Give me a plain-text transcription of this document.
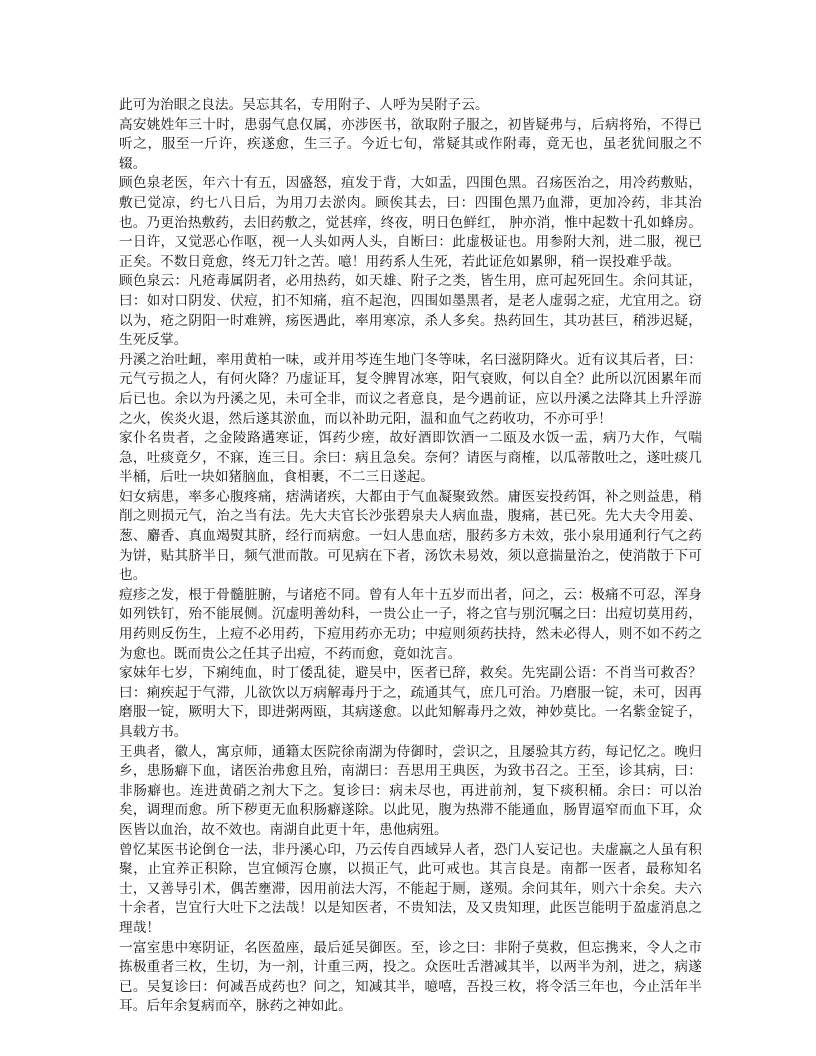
此可为治眼之良法。吴忘其名，专用附子、人呼为吴附子云。

高安姚姓年三十时，患弱气息仅属，亦涉医书，欲取附子服之，初皆疑弗与，后病将殆，不得已听之，服至一斤许，疾遂愈，生三子。今近七旬，常疑其或作附毒，竟无也，虽老犹间服之不辍。

顾色泉老医，年六十有五，因盛怒，疽发于背，大如盂，四围色黑。召疡医治之，用冷药敷贴，敷已觉凉，约七八日后，为用刀去淤肉。顾俟其去，曰：四围色黑乃血滞，更加冷药，非其治也。乃更治热敷药，去旧药敷之，觉甚痒，终夜，明日色鲜红， 肿亦消，惟中起数十孔如蜂房。一日许，又觉恶心作呕，视一人头如两人头，自断曰：此虚极证也。用参附大剂，进二服，视已正矣。不数日竟愈，终无刀针之苦。噫！用药系人生死，若此证危如累卵，稍一误投难乎哉。

顾色泉云：凡疮毒属阴者，必用热药，如天雄、附子之类，皆生用，庶可起死回生。余问其证，曰：如对口阴发、伏痘，扪不知痛，疽不起泡，四围如墨黑者，是老人虚弱之症，尤宜用之。窃以为，疮之阴阳一时难辨，疡医遇此，率用寒凉，杀人多矣。热药回生，其功甚巨，稍涉迟疑，生死反掌。

丹溪之治吐衄，率用黄柏一味，或并用芩连生地门冬等味，名曰滋阴降火。近有议其后者，曰：元气亏损之人，有何火降？乃虚证耳，复令脾胃冰寒，阳气衰败，何以自全？此所以沉困累年而后已也。余以为丹溪之见，未可全非，而议之者意良，是今遇前证，应以丹溪之法降其上升浮游之火，俟炎火退，然后遂其淤血，而以补助元阳，温和血气之药收功，不亦可乎！

家仆名贵者，之金陵路遘寒证，饵药少瘥，故好酒即饮酒一二瓯及水饭一盂，病乃大作，气喘急，吐痰竟夕，不寐，连三日。余曰：病且急矣。奈何？请医与商榷，以瓜蒂散吐之，遂吐痰几半桶，后吐一块如猪脑血，食相裹，不二三日遂起。

妇女病患，率多心腹疼痛，痞满诸疾，大都由于气血凝聚致然。庸医妄投药饵，补之则益患，稍削之则损元气，治之当有法。先大夫官长沙张碧泉夫人病血蛊，腹痛，甚已死。先大夫令用姜、葱、麝香、真血竭熨其脐，经行而病愈。一妇人患血痞，服药多方未效，张小泉用通利行气之药为饼，贴其脐半日，频气泄而散。可见病在下者，汤饮未易效，须以意揣量治之，使消散于下可也。

痘疹之发，根于骨髓脏腑，与诸疮不同。曾有人年十五岁而出者，问之，云：极痛不可忍，浑身如列铁钉，殆不能展侧。沉虚明善幼科，一贵公止一子，将之官与别沉嘱之曰：出痘切莫用药，用药则反伤生，上痘不必用药，下痘用药亦无功；中痘则须药扶持，然未必得人，则不如不药之为愈也。既而贵公之任其子出痘，不药而愈，竟如沈言。

家妹年七岁，下痢纯血，时丁倭乱徒，避吴中，医者已辞，救矣。先宪副公语：不肖当可救否？曰：痢疾起于气滞，儿欲饮以万病解毒丹于之，疏通其气，庶几可治。乃磨服一锭，未可，因再磨服一锭，厥明大下，即进粥两瓯，其病遂愈。以此知解毒丹之效，神妙莫比。一名紫金锭子，具载方书。

王典者，徽人，寓京师，通籍太医院徐南湖为侍御时，尝识之，且屡验其方药，每记忆之。晚归乡，患肠癖下血，诸医治弗愈且殆，南湖曰：吾思用王典医，为致书召之。王至，诊其病，曰：非肠癖也。连进黄硝之剂大下之。复诊曰：病未尽也，再进前剂，复下痰积桶。余曰：可以治矣，调理而愈。所下秽更无血积肠癖遂除。以此见，腹为热滞不能通血，肠胃逼窄而血下耳，众医皆以血治，故不效也。南湖自此更十年，患他病殂。

曾忆某医书论倒仓一法，非丹溪心印，乃云传自西域异人者，恐门人妄记也。夫虚羸之人虽有积聚，止宜养正积除，岂宜倾泻仓廪，以损正气，此可戒也。其言良是。南都一医者，最称知名士，又善导引术，偶苦壅滞，因用前法大泻，不能起于厕，遂殒。余问其年，则六十余矣。夫六十余者，岂宜行大吐下之法哉！以是知医者，不贵知法，及又贵知理，此医岂能明于盈虚消息之理哉！

一富室患中寒阴证，名医盈座，最后延吴御医。至，诊之曰：非附子莫救，但忘携来，令人之市拣极重者三枚，生切，为一剂，计重三两，投之。众医吐舌潜减其半，以两半为剂，进之，病遂已。吴复诊曰：何减吾成药也？问之，知减其半，噫嘻，吾投三枚，将令活三年也，今止活年半耳。后年余复病而卒，脉药之神如此。
